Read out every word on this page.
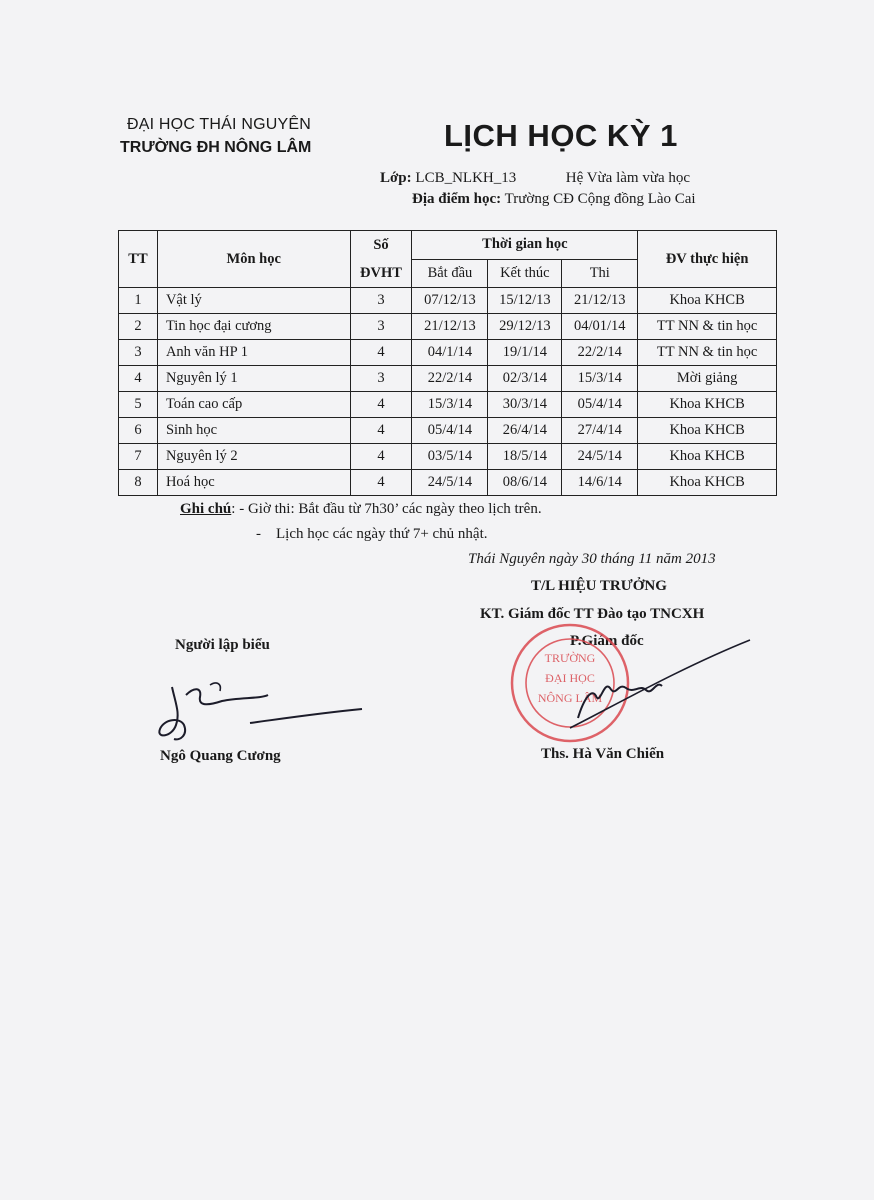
ĐẠI HỌC THÁI NGUYÊN
TRƯỜNG ĐH NÔNG LÂM	LỊCH HỌC KỲ 1
Lớp: LCB_NLKH_13	Hệ Vừa làm vừa học
Địa điểm học: Trường CĐ Cộng đồng Lào Cai
TT	Môn học	Số	Thời gian học			ĐV thực hiện
		ĐVHT	Bắt đầu	Kết thúc	Thi	
1	Vật lý	3	07/12/13	15/12/13	21/12/13	Khoa KHCB
2	Tin học đại cương	3	21/12/13	29/12/13	04/01/14	TT NN & tin học
3	Anh văn HP 1	4	04/1/14	19/1/14	22/2/14	TT NN & tin học
4	Nguyên lý 1	3	22/2/14	02/3/14	15/3/14	Mời giảng
5	Toán cao cấp	4	15/3/14	30/3/14	05/4/14	Khoa KHCB
6	Sinh học	4	05/4/14	26/4/14	27/4/14	Khoa KHCB
7	Nguyên lý 2	4	03/5/14	18/5/14	24/5/14	Khoa KHCB
8	Hoá học	4	24/5/14	08/6/14	14/6/14	Khoa KHCB
Ghi chú: - Giờ thi: Bắt đầu từ 7h30’ các ngày theo lịch trên.
-    Lịch học các ngày thứ 7+ chủ nhật.
Thái Nguyên ngày 30 tháng 11 năm 2013
T/L HIỆU TRƯỞNG
KT. Giám đốc TT Đào tạo TNCXH
P.Giám đốc
Người lập biểu
TRƯỜNG
ĐẠI HỌC
NÔNG LÂM
Ngô Quang Cương	Ths. Hà Văn Chiến
